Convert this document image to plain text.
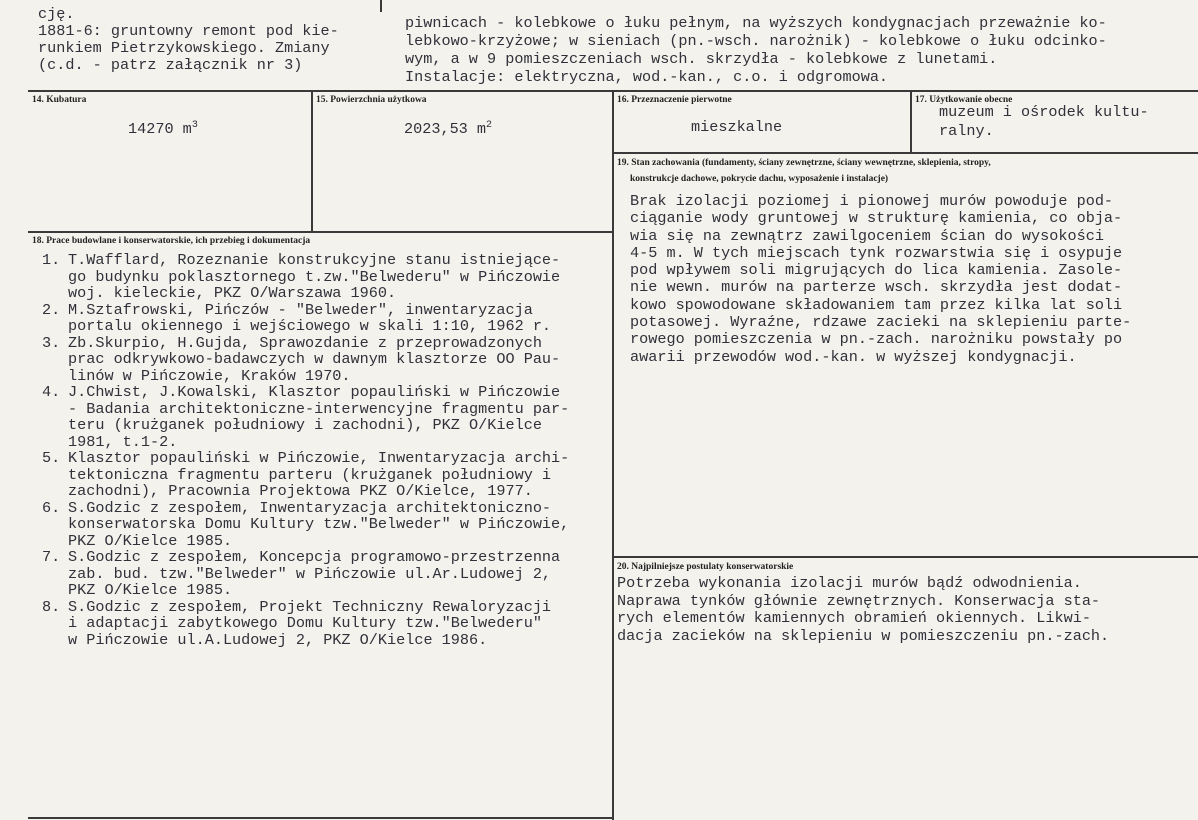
cję.
1881-6: gruntowny remont pod kie-
runkiem Pietrzykowskiego. Zmiany
(c.d. - patrz załącznik nr 3)
piwnicach - kolebkowe o łuku pełnym, na wyższych kondygnacjach przeważnie ko-
lebkowo-krzyżowe; w sieniach (pn.-wsch. narożnik) - kolebkowe o łuku odcinko-
wym, a w 9 pomieszczeniach wsch. skrzydła - kolebkowe z lunetami.
Instalacje: elektryczna, wod.-kan., c.o. i odgromowa.
14. Kubatura
14270 $m^3$
15. Powierzchnia użytkowa
2023,53 $m^2$
16. Przeznaczenie pierwotne
mieszkalne
17. Użytkowanie obecne
muzeum i ośrodek kultu-
ralny.
19. Stan zachowania (fundamenty, ściany zewnętrzne, ściany wewnętrzne, sklepienia, stropy,
konstrukcje dachowe, pokrycie dachu, wyposażenie i instalacje)
Brak izolacji poziomej i pionowej murów powoduje pod-
ciąganie wody gruntowej w strukturę kamienia, co obja-
wia się na zewnątrz zawilgoceniem ścian do wysokości
4-5 m. W tych miejscach tynk rozwarstwia się i osypuje
pod wpływem soli migrujących do lica kamienia. Zasole-
nie wewn. murów na parterze wsch. skrzydła jest dodat-
kowo spowodowane składowaniem tam przez kilka lat soli
potasowej. Wyraźne, rdzawe zacieki na sklepieniu parte-
rowego pomieszczenia w pn.-zach. narożniku powstały po
awarii przewodów wod.-kan. w wyższej kondygnacji.
18. Prace budowlane i konserwatorskie, ich przebieg i dokumentacja
1. T.Wafflard, Rozeznanie konstrukcyjne stanu istniejące-
go budynku poklasztornego t.zw."Belwederu" w Pińczowie
woj. kieleckie, PKZ O/Warszawa 1960.
2. M.Sztafrowski, Pińczów - "Belweder", inwentaryzacja
portalu okiennego i wejściowego w skali 1:10, 1962 r.
3. Zb.Skurpio, H.Gujda, Sprawozdanie z przeprowadzonych
prac odkrywkowo-badawczych w dawnym klasztorze OO Pau-
linów w Pińczowie, Kraków 1970.
4. J.Chwist, J.Kowalski, Klasztor popauliński w Pińczowie
- Badania architektoniczne-interwencyjne fragmentu par-
teru (krużganek południowy i zachodni), PKZ O/Kielce
1981, t.1-2.
5. Klasztor popauliński w Pińczowie, Inwentaryzacja archi-
tektoniczna fragmentu parteru (krużganek południowy i
zachodni), Pracownia Projektowa PKZ O/Kielce, 1977.
6. S.Godzic z zespołem, Inwentaryzacja architektoniczno-
konserwatorska Domu Kultury tzw."Belweder" w Pińczowie,
PKZ O/Kielce 1985.
7. S.Godzic z zespołem, Koncepcja programowo-przestrzenna
zab. bud. tzw."Belweder" w Pińczowie ul.Ar.Ludowej 2,
PKZ O/Kielce 1985.
8. S.Godzic z zespołem, Projekt Techniczny Rewaloryzacji
i adaptacji zabytkowego Domu Kultury tzw."Belwederu"
w Pińczowie ul.A.Ludowej 2, PKZ O/Kielce 1986.
20. Najpilniejsze postulaty konserwatorskie
Potrzeba wykonania izolacji murów bądź odwodnienia.
Naprawa tynków głównie zewnętrznych. Konserwacja sta-
rych elementów kamiennych obramień okiennych. Likwi-
dacja zacieków na sklepieniu w pomieszczeniu pn.-zach.
